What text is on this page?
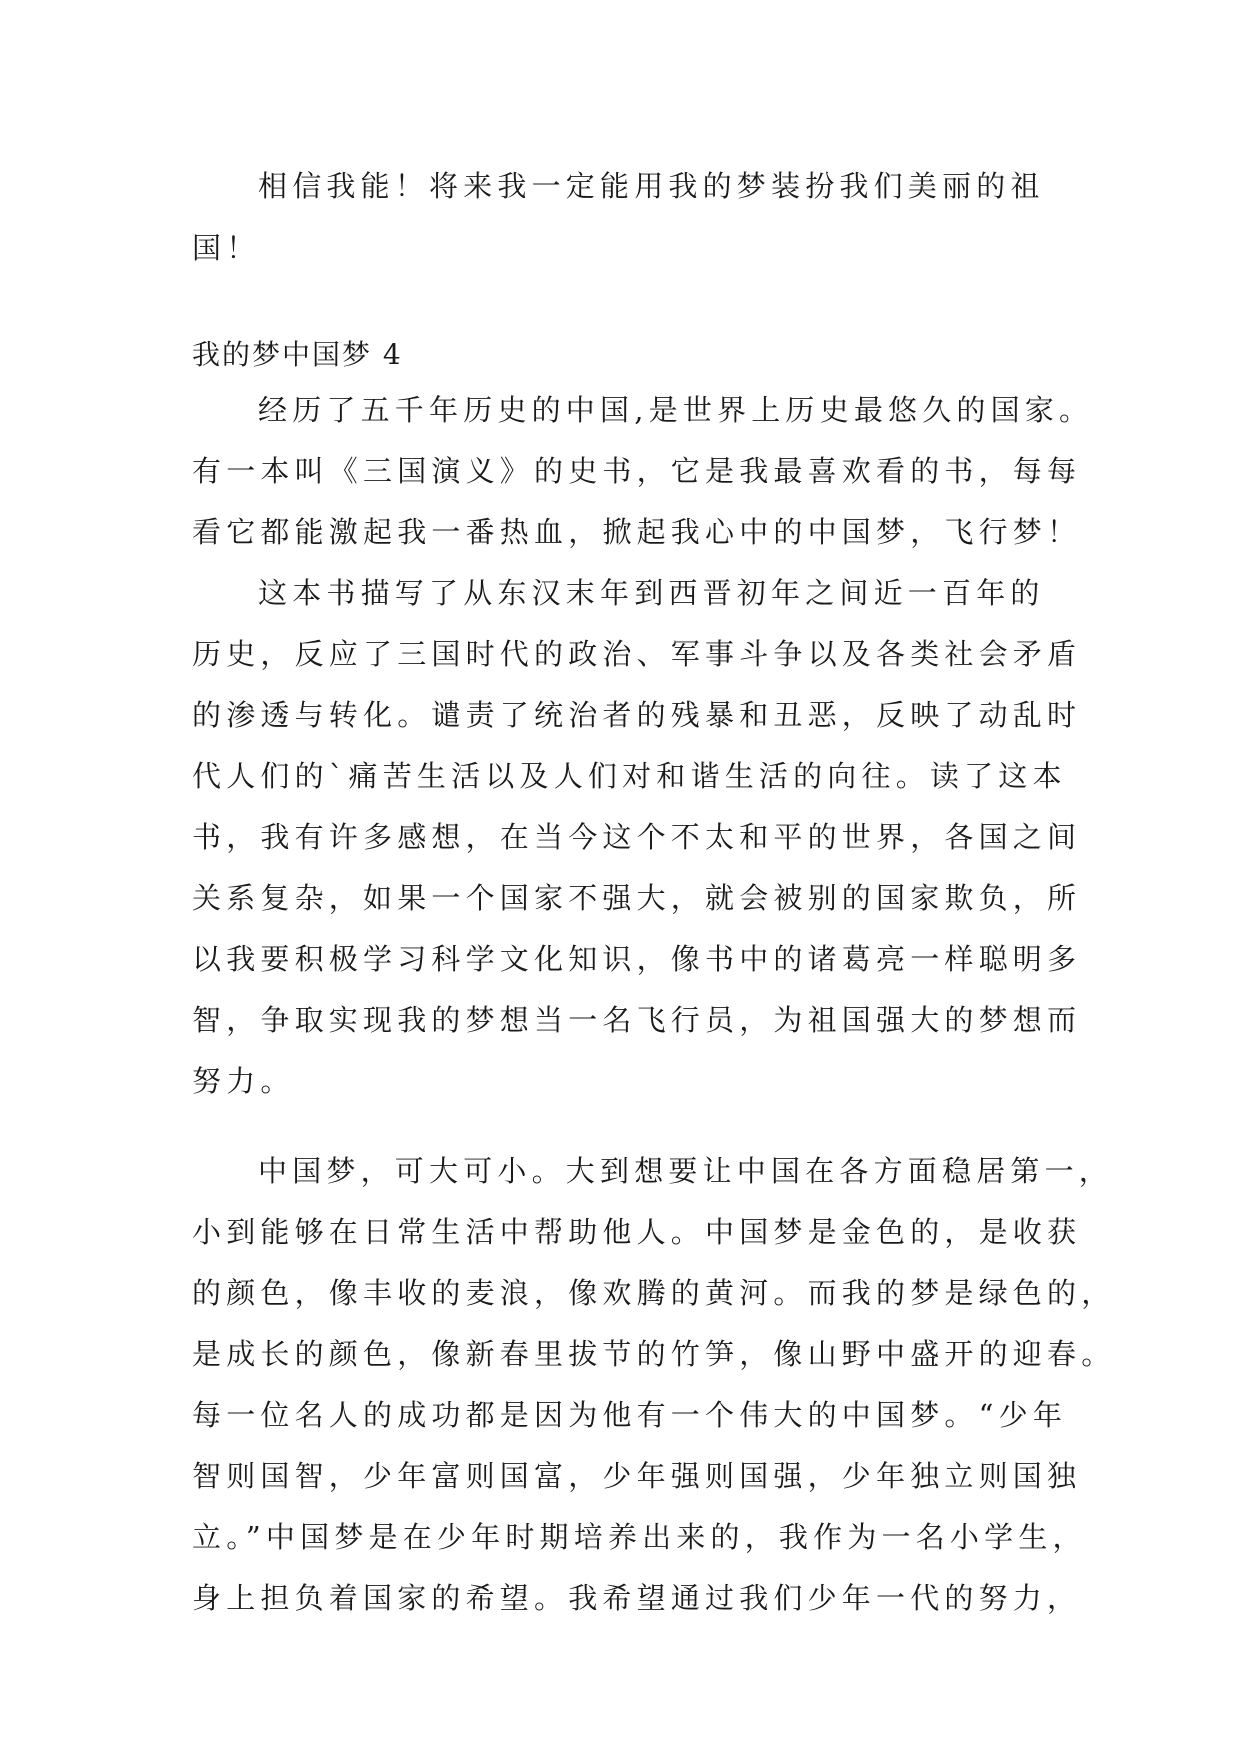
相信我能！将来我一定能用我的梦装扮我们美丽的祖
国！
我的梦中国梦 4
经历了五千年历史的中国,是世界上历史最悠久的国家。
有一本叫《三国演义》的史书，它是我最喜欢看的书，每每
看它都能激起我一番热血，掀起我心中的中国梦，飞行梦！
这本书描写了从东汉末年到西晋初年之间近一百年的
历史，反应了三国时代的政治、军事斗争以及各类社会矛盾
的渗透与转化。谴责了统治者的残暴和丑恶，反映了动乱时
代人们的`痛苦生活以及人们对和谐生活的向往。读了这本
书，我有许多感想，在当今这个不太和平的世界，各国之间
关系复杂，如果一个国家不强大，就会被别的国家欺负，所
以我要积极学习科学文化知识，像书中的诸葛亮一样聪明多
智，争取实现我的梦想当一名飞行员，为祖国强大的梦想而
努力。
中国梦，可大可小。大到想要让中国在各方面稳居第一，
小到能够在日常生活中帮助他人。中国梦是金色的，是收获
的颜色，像丰收的麦浪，像欢腾的黄河。而我的梦是绿色的，
是成长的颜色，像新春里拔节的竹笋，像山野中盛开的迎春。
每一位名人的成功都是因为他有一个伟大的中国梦。“少年
智则国智，少年富则国富，少年强则国强，少年独立则国独
立。”中国梦是在少年时期培养出来的，我作为一名小学生，
身上担负着国家的希望。我希望通过我们少年一代的努力，
